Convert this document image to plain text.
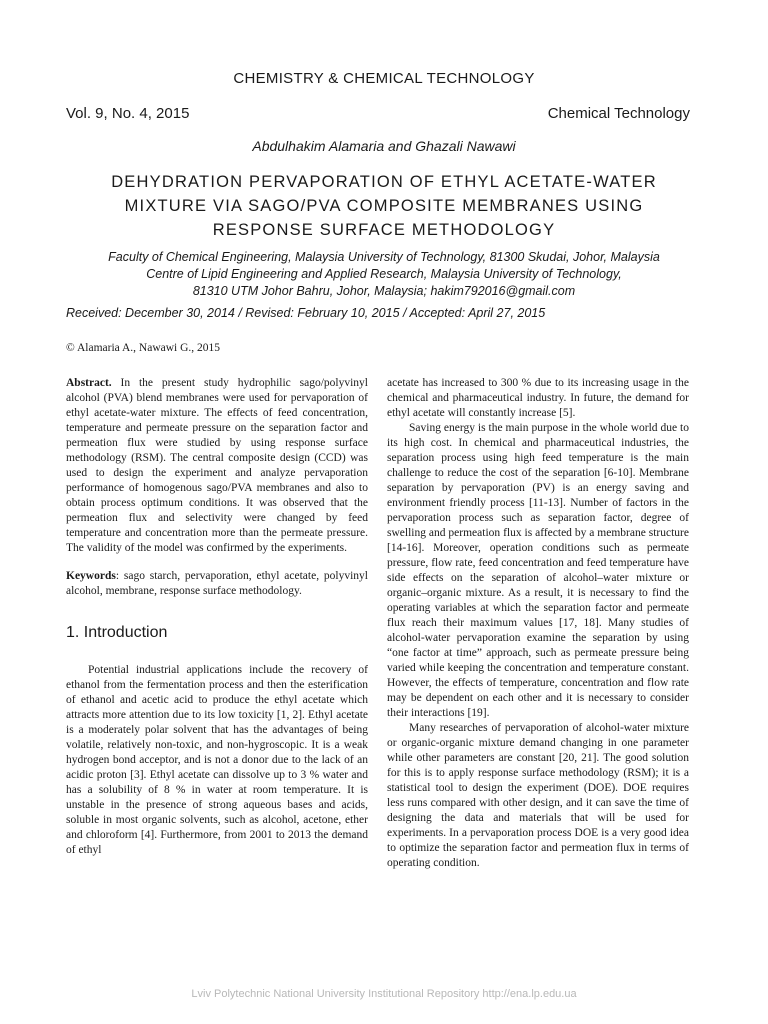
CHEMISTRY & CHEMICAL TECHNOLOGY
Vol. 9, No. 4, 2015	Chemical Technology
Abdulhakim Alamaria and Ghazali Nawawi
DEHYDRATION PERVAPORATION OF ETHYL ACETATE-WATER
MIXTURE VIA SAGO/PVA COMPOSITE MEMBRANES USING
RESPONSE SURFACE METHODOLOGY
Faculty of Chemical Engineering, Malaysia University of Technology, 81300 Skudai, Johor, Malaysia
Centre of Lipid Engineering and Applied Research, Malaysia University of Technology,
81310 UTM Johor Bahru, Johor, Malaysia; hakim792016@gmail.com
Received: December 30, 2014 / Revised: February 10, 2015 / Accepted: April 27, 2015
© Alamaria A., Nawawi G., 2015

Abstract. In the present study hydrophilic sago/polyvinyl alcohol (PVA) blend membranes were used for pervaporation of ethyl acetate-water mixture. The effects of feed concentration, temperature and permeate pressure on the separation factor and permeation flux were studied by using response surface methodology (RSM). The central composite design (CCD) was used to design the experiment and analyze pervaporation performance of homogenous sago/PVA membranes and also to obtain process optimum conditions. It was observed that the permeation flux and selectivity were changed by feed temperature and concentration more than the permeate pressure. The validity of the model was confirmed by the experiments.

Keywords: sago starch, pervaporation, ethyl acetate, polyvinyl alcohol, membrane, response surface methodology.

1. Introduction

Potential industrial applications include the recovery of ethanol from the fermentation process and then the esterification of ethanol and acetic acid to produce the ethyl acetate which attracts more attention due to its low toxicity [1, 2]. Ethyl acetate is a moderately polar solvent that has the advantages of being volatile, relatively non-toxic, and non-hygroscopic. It is a weak hydrogen bond acceptor, and is not a donor due to the lack of an acidic proton [3]. Ethyl acetate can dissolve up to 3 % water and has a solubility of 8 % in water at room temperature. It is unstable in the presence of strong aqueous bases and acids, soluble in most organic solvents, such as alcohol, acetone, ether and chloroform [4]. Furthermore, from 2001 to 2013 the demand of ethyl

acetate has increased to 300 % due to its increasing usage in the chemical and pharmaceutical industry. In future, the demand for ethyl acetate will constantly increase [5].

Saving energy is the main purpose in the whole world due to its high cost. In chemical and pharmaceutical industries, the separation process using high feed temperature is the main challenge to reduce the cost of the separation [6-10]. Membrane separation by pervaporation (PV) is an energy saving and environment friendly process [11-13]. Number of factors in the pervaporation process such as separation factor, degree of swelling and permeation flux is affected by a membrane structure [14-16]. Moreover, operation conditions such as permeate pressure, flow rate, feed concentration and feed temperature have side effects on the separation of alcohol–water mixture or organic–organic mixture. As a result, it is necessary to find the operating variables at which the separation factor and permeate flux reach their maximum values [17, 18]. Many studies of alcohol-water pervaporation examine the separation by using “one factor at time” approach, such as permeate pressure being varied while keeping the concentration and temperature constant. However, the effects of temperature, concentration and flow rate may be dependent on each other and it is necessary to consider their interactions [19].

Many researches of pervaporation of alcohol-water mixture or organic-organic mixture demand changing in one parameter while other parameters are constant [20, 21]. The good solution for this is to apply response surface methodology (RSM); it is a statistical tool to design the experiment (DOE). DOE requires less runs compared with other design, and it can save the time of designing the data and materials that will be used for experiments. In a pervaporation process DOE is a very good idea to optimize the separation factor and permeation flux in terms of operating condition.

Lviv Polytechnic National University Institutional Repository http://ena.lp.edu.ua
